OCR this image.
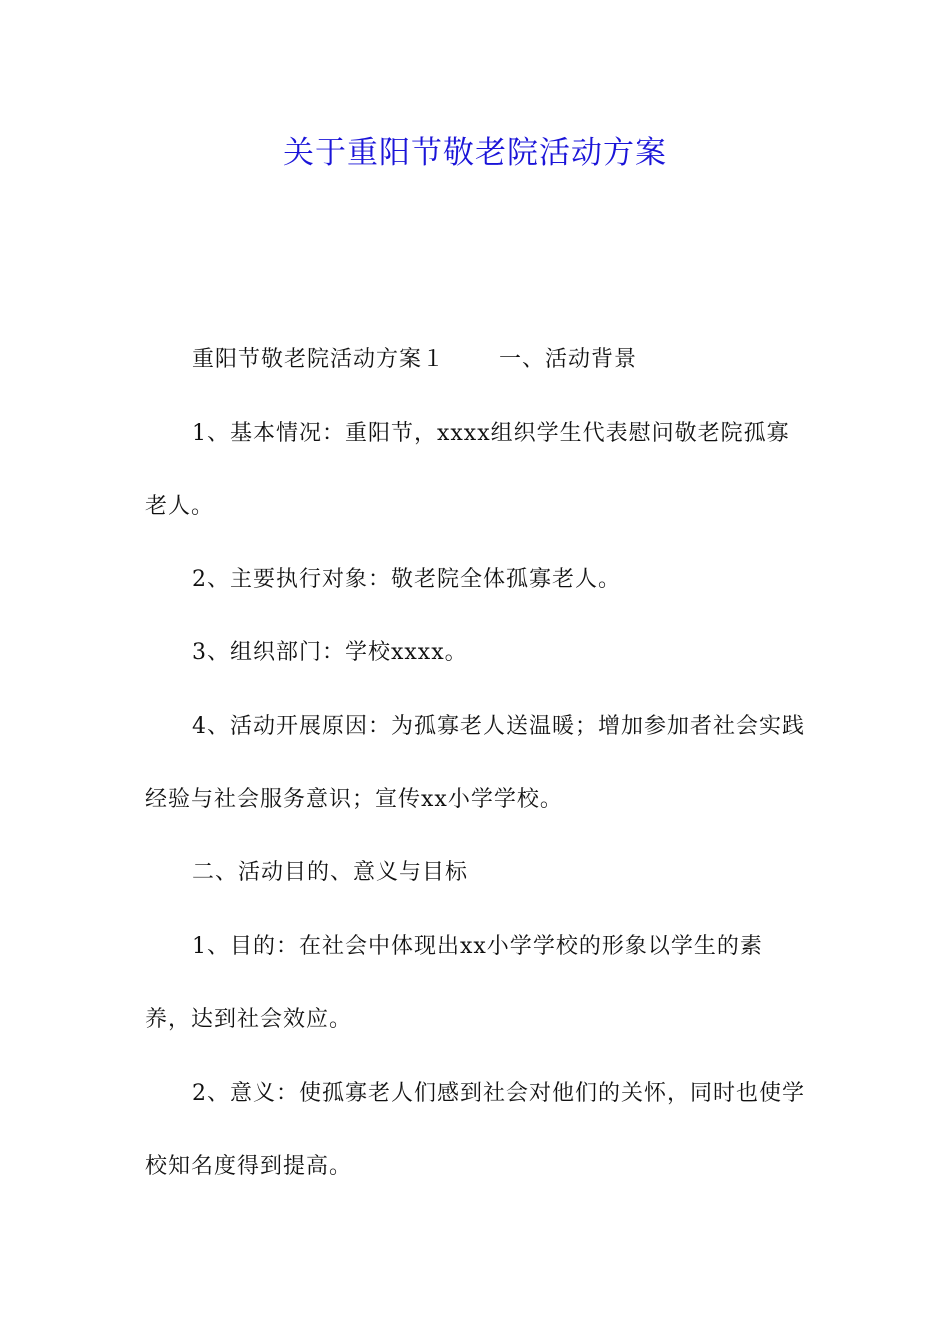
关于重阳节敬老院活动方案

重阳节敬老院活动方案１ 一、活动背景

1、基本情况：重阳节，xxxx组织学生代表慰问敬老院孤寡老人。

2、主要执行对象：敬老院全体孤寡老人。

3、组织部门：学校xxxx。

4、活动开展原因：为孤寡老人送温暖；增加参加者社会实践经验与社会服务意识；宣传xx小学学校。

二、活动目的、意义与目标

1、目的：在社会中体现出xx小学学校的形象以学生的素养，达到社会效应。

2、意义：使孤寡老人们感到社会对他们的关怀，同时也使学校知名度得到提高。
